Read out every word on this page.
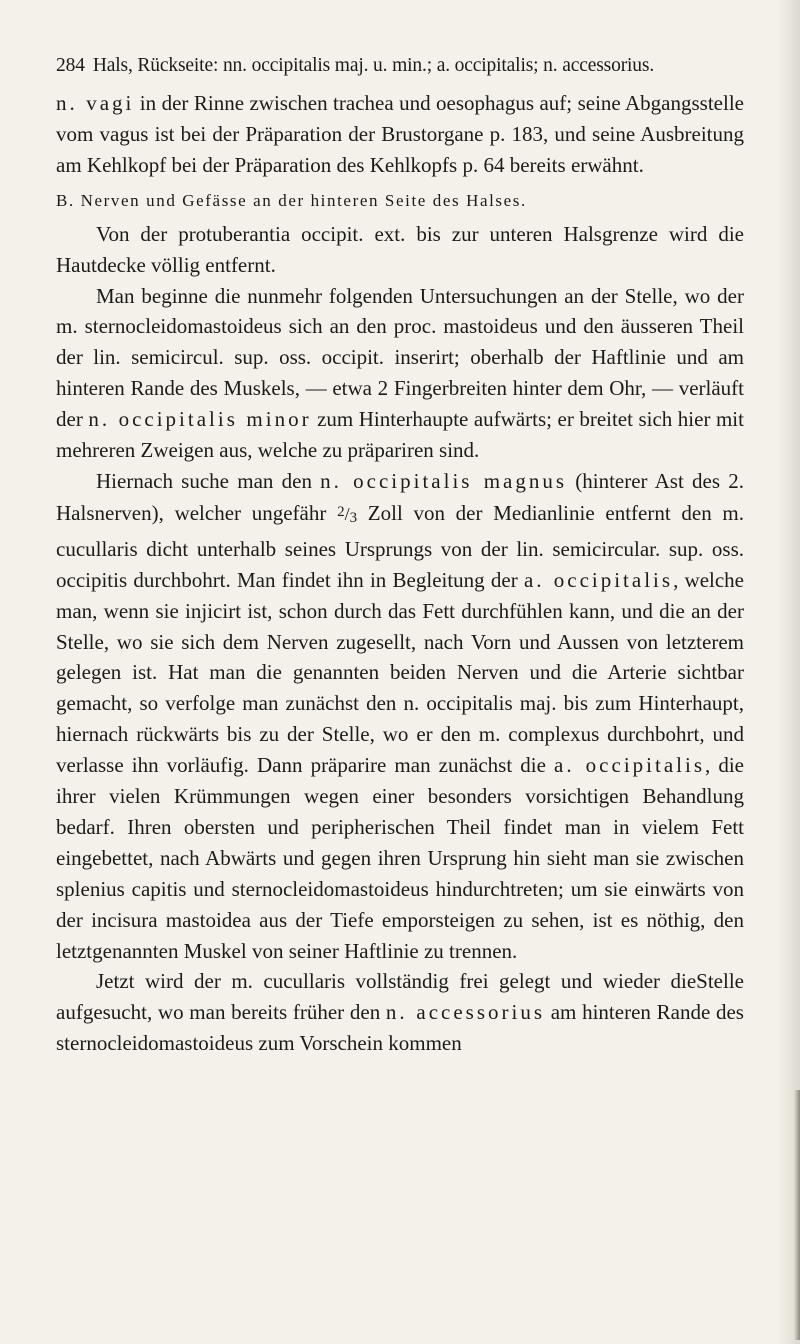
284 Hals, Rückseite: nn. occipitalis maj. u. min.; a. occipitalis; n. accessorius.

n. vagi in der Rinne zwischen trachea und oesophagus auf; seine Abgangsstelle vom vagus ist bei der Präparation der Brustorgane p. 183, und seine Ausbreitung am Kehlkopf bei der Präparation des Kehlkopfs p. 64 bereits erwähnt.

B. Nerven und Gefässe an der hinteren Seite des Halses.

Von der protuberantia occipit. ext. bis zur unteren Halsgrenze wird die Hautdecke völlig entfernt.

Man beginne die nunmehr folgenden Untersuchungen an der Stelle, wo der m. sternocleidomastoideus sich an den proc. mastoideus und den äusseren Theil der lin. semicircul. sup. oss. occipit. inserirt; oberhalb der Haftlinie und am hinteren Rande des Muskels, — etwa 2 Fingerbreiten hinter dem Ohr, — verläuft der n. occipitalis minor zum Hinterhaupte aufwärts; er breitet sich hier mit mehreren Zweigen aus, welche zu präpariren sind.

Hiernach suche man den n. occipitalis magnus (hinterer Ast des 2. Halsnerven), welcher ungefähr 2/3 Zoll von der Medianlinie entfernt den m. cucullaris dicht unterhalb seines Ursprungs von der lin. semicircular. sup. oss. occipitis durchbohrt. Man findet ihn in Begleitung der a. occipitalis, welche man, wenn sie injicirt ist, schon durch das Fett durchfühlen kann, und die an der Stelle, wo sie sich dem Nerven zugesellt, nach Vorn und Aussen von letzterem gelegen ist. Hat man die genannten beiden Nerven und die Arterie sichtbar gemacht, so verfolge man zunächst den n. occipitalis maj. bis zum Hinterhaupt, hiernach rückwärts bis zu der Stelle, wo er den m. complexus durchbohrt, und verlasse ihn vorläufig. Dann präparire man zunächst die a. occipitalis, die ihrer vielen Krümmungen wegen einer besonders vorsichtigen Behandlung bedarf. Ihren obersten und peripherischen Theil findet man in vielem Fett eingebettet, nach Abwärts und gegen ihren Ursprung hin sieht man sie zwischen splenius capitis und sternocleidomastoideus hindurchtreten; um sie einwärts von der incisura mastoidea aus der Tiefe emporsteigen zu sehen, ist es nöthig, den letztgenannten Muskel von seiner Haftlinie zu trennen.

Jetzt wird der m. cucullaris vollständig frei gelegt und wieder dieStelle aufgesucht, wo man bereits früher den n. accessorius am hinteren Rande des sternocleidomastoideus zum Vorschein kommen
